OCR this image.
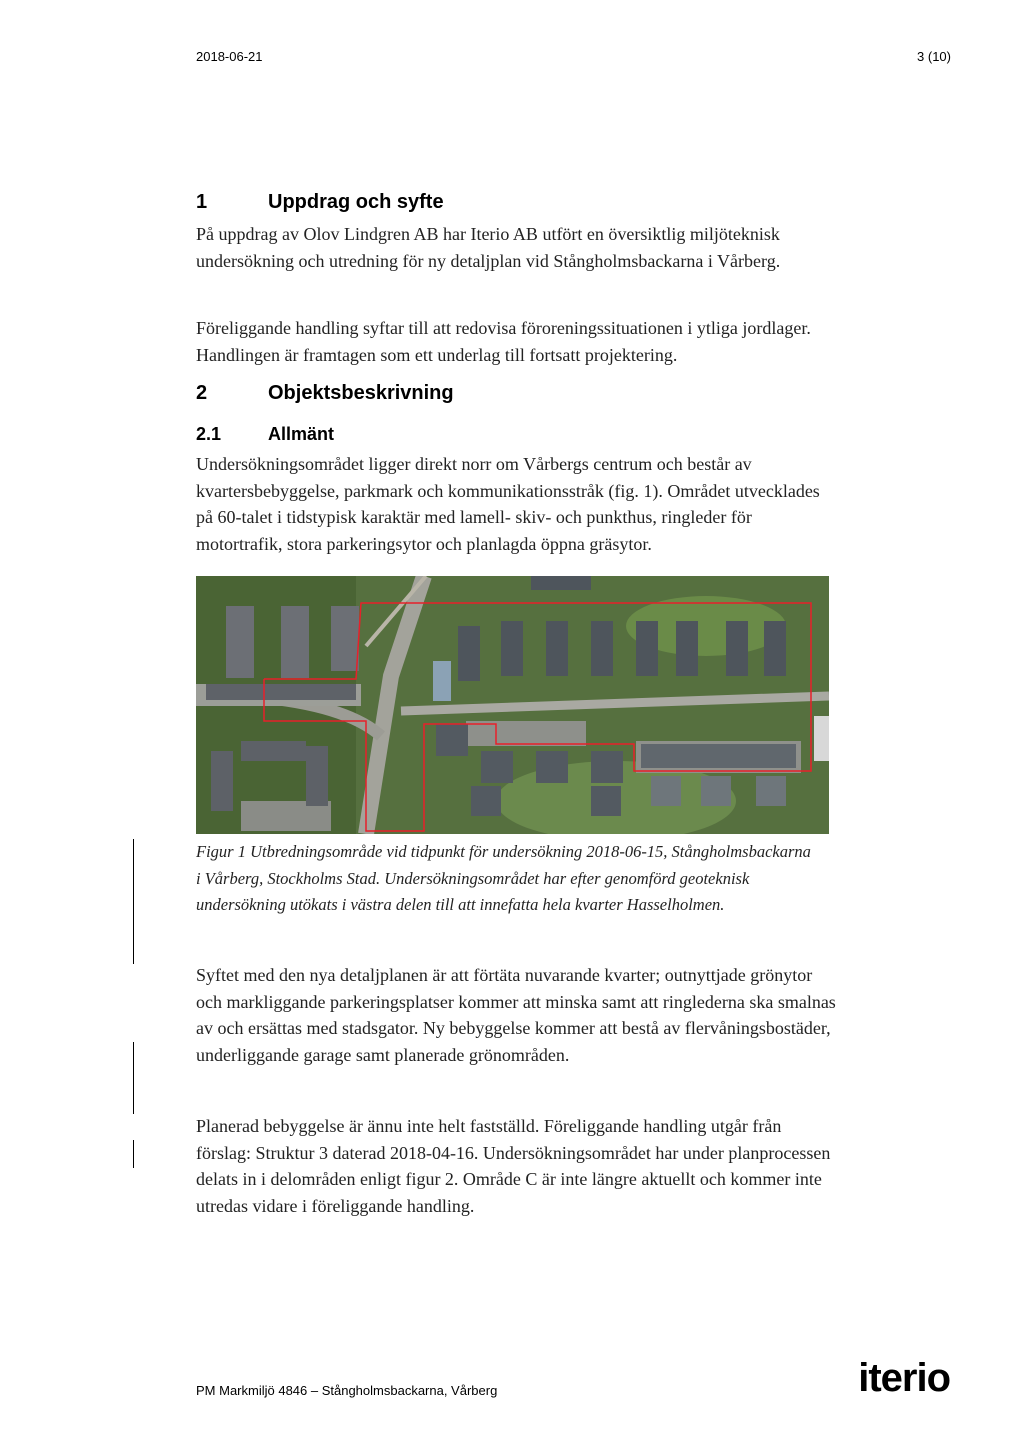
2018-06-21	3 (10)
1	Uppdrag och syfte

På uppdrag av Olov Lindgren AB har Iterio AB utfört en översiktlig miljöteknisk undersökning och utredning för ny detaljplan vid Stångholmsbackarna i Vårberg.

Föreliggande handling syftar till att redovisa föroreningssituationen i ytliga jordlager. Handlingen är framtagen som ett underlag till fortsatt projektering.

2	Objektsbeskrivning
2.1	Allmänt

Undersökningsområdet ligger direkt norr om Vårbergs centrum och består av kvartersbebyggelse, parkmark och kommunikationsstråk (fig. 1). Området utvecklades på 60-talet i tidstypisk karaktär med lamell- skiv- och punkthus, ringleder för motortrafik, stora parkeringsytor och planlagda öppna gräsytor.

Figur 1 Utbredningsområde vid tidpunkt för undersökning 2018-06-15, Stångholmsbackarna i Vårberg, Stockholms Stad. Undersökningsområdet har efter genomförd geoteknisk undersökning utökats i västra delen till att innefatta hela kvarter Hasselholmen.

Syftet med den nya detaljplanen är att förtäta nuvarande kvarter; outnyttjade grönytor och markliggande parkeringsplatser kommer att minska samt att ringlederna ska smalnas av och ersättas med stadsgator. Ny bebyggelse kommer att bestå av flervåningsbostäder, underliggande garage samt planerade grönområden.

Planerad bebyggelse är ännu inte helt fastställd. Föreliggande handling utgår från förslag: Struktur 3 daterad 2018-04-16. Undersökningsområdet har under planprocessen delats in i delområden enligt figur 2. Område C är inte längre aktuellt och kommer inte utredas vidare i föreliggande handling.

PM Markmiljö 4846 – Stångholmsbackarna, Vårberg	iterio
